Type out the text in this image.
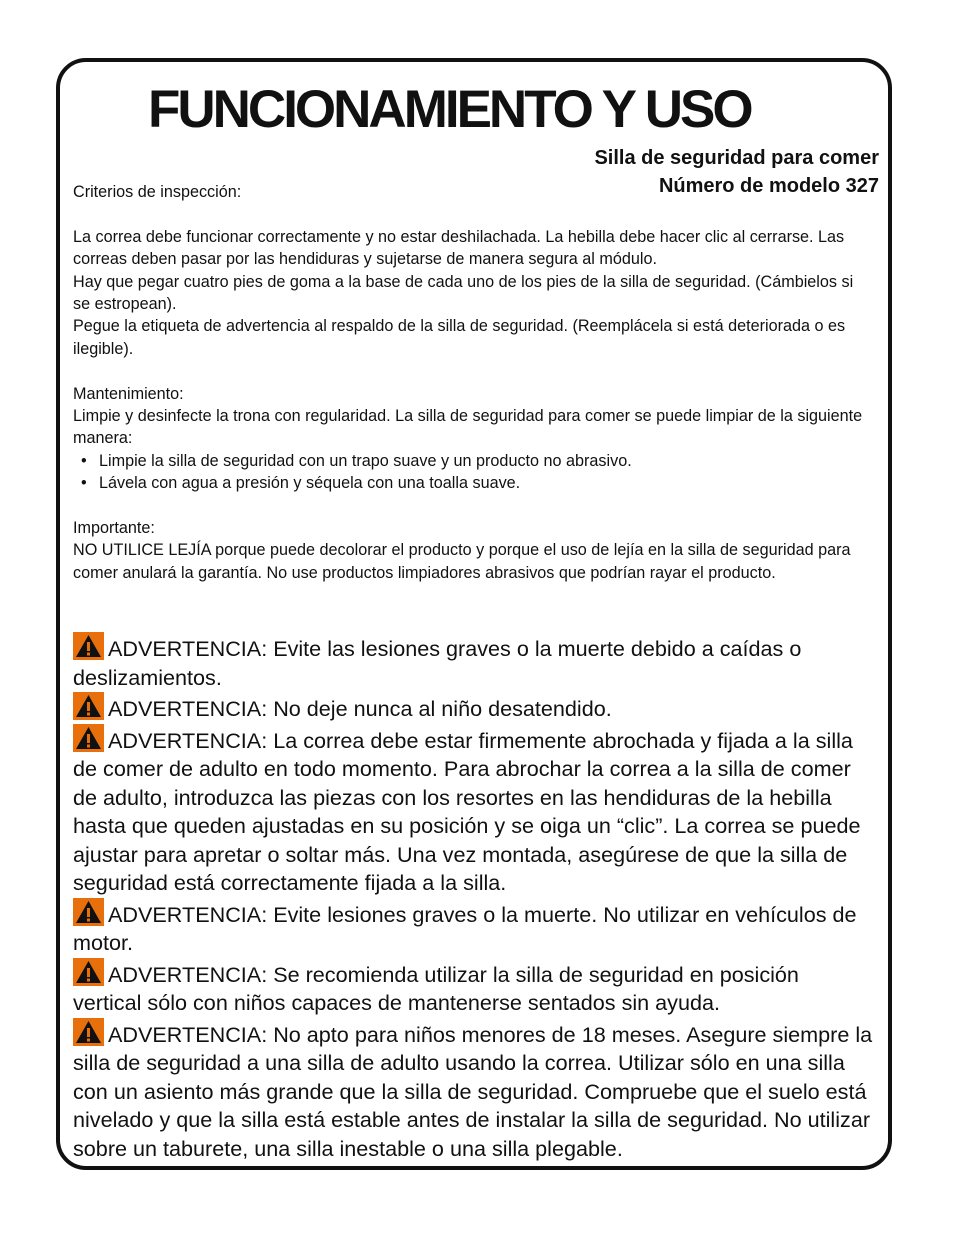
FUNCIONAMIENTO Y USO
Silla de seguridad para comer
Número de modelo 327

Criterios de inspección:

La correa debe funcionar correctamente y no estar deshilachada. La hebilla debe hacer clic al cerrarse. Las correas deben pasar por las hendiduras y sujetarse de manera segura al módulo.

Hay que pegar cuatro pies de goma a la base de cada uno de los pies de la silla de seguridad. (Cámbielos si se estropean).

Pegue la etiqueta de advertencia al respaldo de la silla de seguridad. (Reemplácela si está deteriorada o es ilegible).

Mantenimiento:

Limpie y desinfecte la trona con regularidad. La silla de seguridad para comer se puede limpiar de la siguiente manera:

• Limpie la silla de seguridad con un trapo suave y un producto no abrasivo.
• Lávela con agua a presión y séquela con una toalla suave.

Importante:

NO UTILICE LEJÍA porque puede decolorar el producto y porque el uso de lejía en la silla de seguridad para comer anulará la garantía. No use productos limpiadores abrasivos que podrían rayar el producto.

ADVERTENCIA: Evite las lesiones graves o la muerte debido a caídas o deslizamientos.

ADVERTENCIA: No deje nunca al niño desatendido.

ADVERTENCIA: La correa debe estar firmemente abrochada y fijada a la silla de comer de adulto en todo momento. Para abrochar la correa a la silla de comer de adulto, introduzca las piezas con los resortes en las hendiduras de la hebilla hasta que queden ajustadas en su posición y se oiga un “clic”. La correa se puede ajustar para apretar o soltar más. Una vez montada, asegúrese de que la silla de seguridad está correctamente fijada a la silla.

ADVERTENCIA: Evite lesiones graves o la muerte. No utilizar en vehículos de motor.

ADVERTENCIA: Se recomienda utilizar la silla de seguridad en posición vertical sólo con niños capaces de mantenerse sentados sin ayuda.

ADVERTENCIA: No apto para niños menores de 18 meses. Asegure siempre la silla de seguridad a una silla de adulto usando la correa. Utilizar sólo en una silla con un asiento más grande que la silla de seguridad. Compruebe que el suelo está nivelado y que la silla está estable antes de instalar la silla de seguridad. No utilizar sobre un taburete, una silla inestable o una silla plegable.
